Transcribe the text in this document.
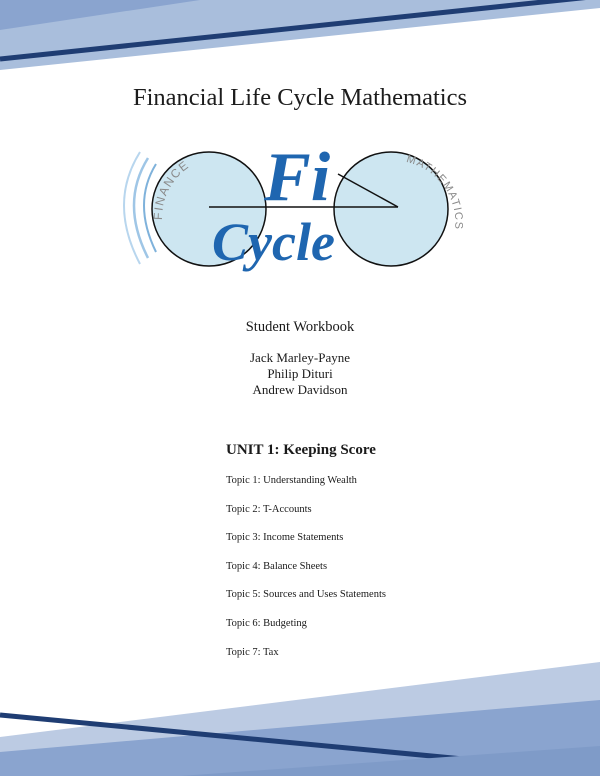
Financial Life Cycle Mathematics
FINANCE	MATHEMATICS
Fi
Cycle
Student Workbook
Jack Marley-Payne
Philip Dituri
Andrew Davidson
UNIT 1: Keeping Score
Topic 1: Understanding Wealth
Topic 2: T-Accounts
Topic 3: Income Statements
Topic 4: Balance Sheets
Topic 5: Sources and Uses Statements
Topic 6: Budgeting
Topic 7: Tax
